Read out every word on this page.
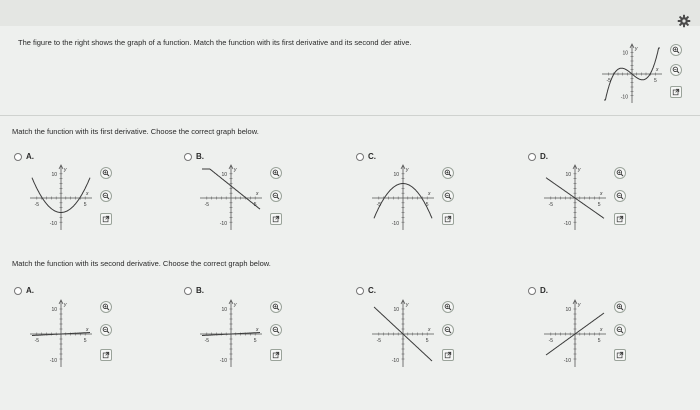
The figure to the right shows the graph of a function. Match the function with its first derivative and its second der ative.
y
x
10
-10
-5	5
A.
y
x
10
-10
-5	5
B.
y
x
10
-10
-5	5
C.
y
x
10
-10
-5	5
D.
y
x
10
-10
-5	5
A.
y
x
10
-10
-5	5
B.
y
x
10
-10
-5	5
C.
y
x
10
-10
-5	5
D.
y
x
10
-10
-5	5
Match the function with its first derivative. Choose the correct graph below.
Match the function with its second derivative. Choose the correct graph below.
